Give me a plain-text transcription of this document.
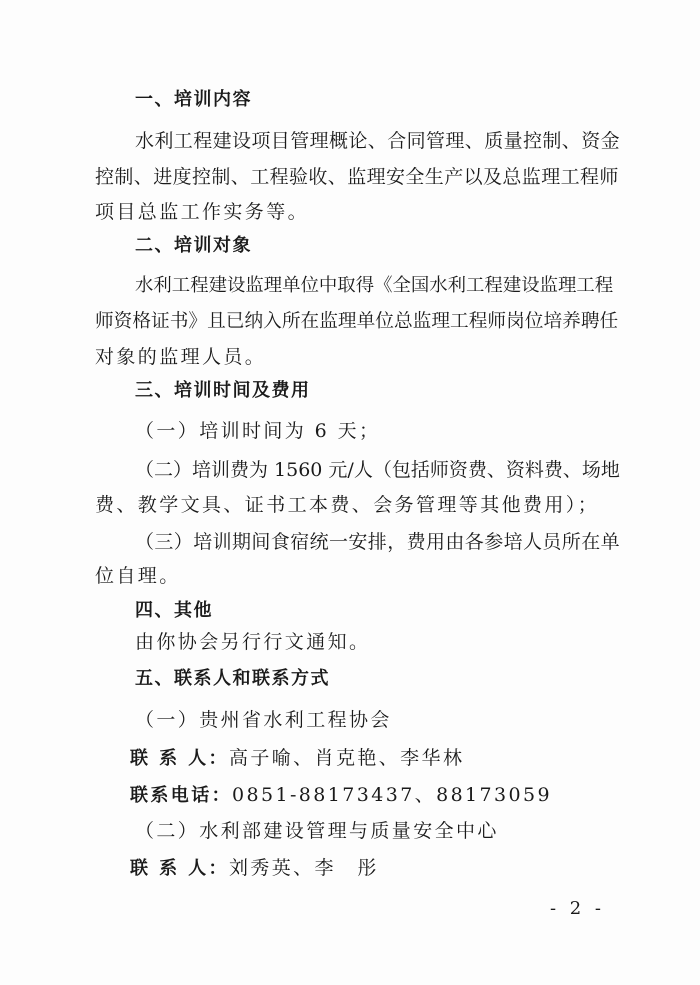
一、培训内容
水利工程建设项目管理概论、合同管理、质量控制、资金
控制、进度控制、工程验收、监理安全生产以及总监理工程师
项目总监工作实务等。
二、培训对象
水利工程建设监理单位中取得《全国水利工程建设监理工程
师资格证书》且已纳入所在监理单位总监理工程师岗位培养聘任
对象的监理人员。
三、培训时间及费用
（一）培训时间为 6 天；
（二）培训费为 1560 元/人（包括师资费、资料费、场地
费、教学文具、证书工本费、会务管理等其他费用）；
（三）培训期间食宿统一安排，费用由各参培人员所在单
位自理。
四、其他
由你协会另行行文通知。
五、联系人和联系方式
（一）贵州省水利工程协会
联 系 人：高子喻、肖克艳、李华林
联系电话：0851-88173437、88173059
（二）水利部建设管理与质量安全中心
联 系 人：刘秀英、李　彤
- 2 -
